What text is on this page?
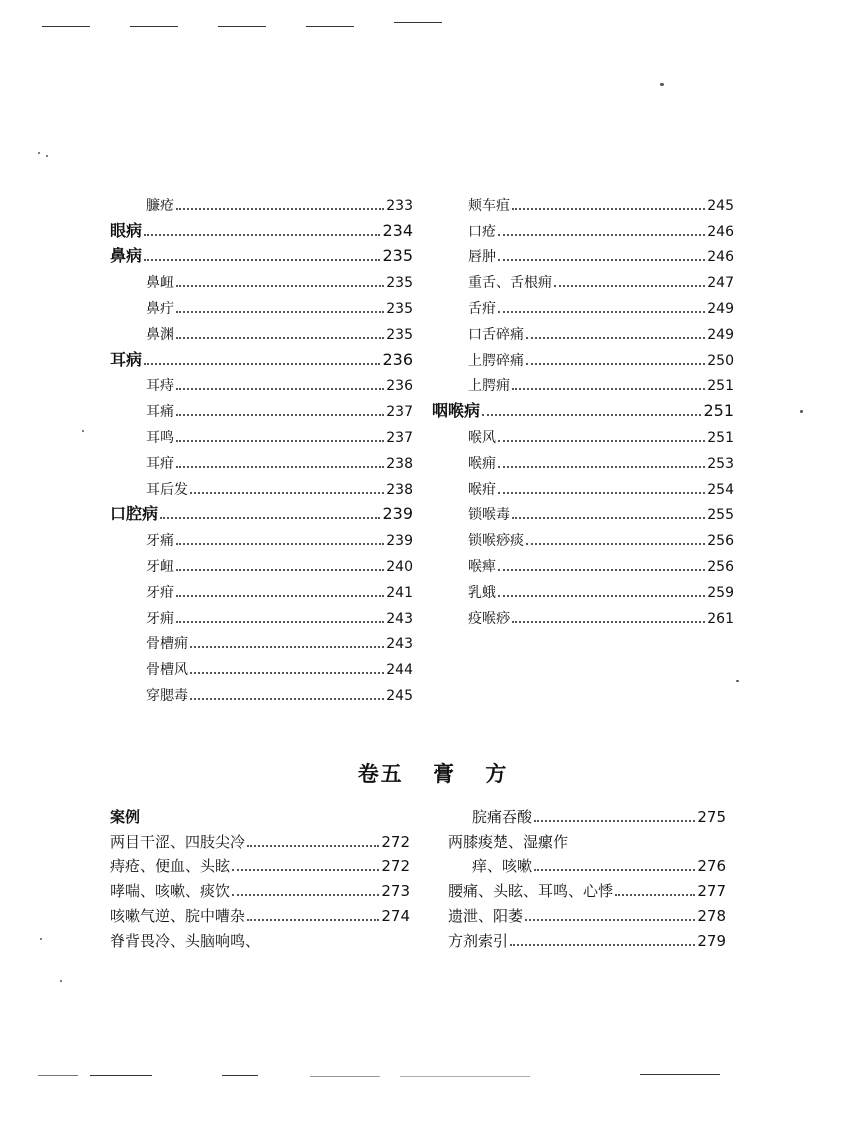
臁疮	233
眼病	234
鼻病	235
鼻衄	235
鼻疔	235
鼻渊	235
耳病	236
耳痔	236
耳痛	237
耳鸣	237
耳疳	238
耳后发	238
口腔病	239
牙痛	239
牙衄	240
牙疳	241
牙痈	243
骨槽痈	243
骨槽风	244
穿腮毒	245
颊车疽	245
口疮	246
唇肿	246
重舌、舌根痈	247
舌疳	249
口舌碎痛	249
上腭碎痛	250
上腭痈	251
咽喉病	251
喉风	251
喉痈	253
喉疳	254
锁喉毒	255
锁喉痧痰	256
喉痺	256
乳蛾	259
疫喉痧	261
卷五 膏 方
案例
两目干涩、四肢尖冷	272
痔疮、便血、头眩	272
哮喘、咳嗽、痰饮	273
咳嗽气逆、脘中嘈杂	274
脊背畏冷、头脑响鸣、
脘痛吞酸	275
两膝痠楚、湿瘰作
痒、咳嗽	276
腰痛、头眩、耳鸣、心悸	277
遗泄、阳萎	278
方剂索引	279
